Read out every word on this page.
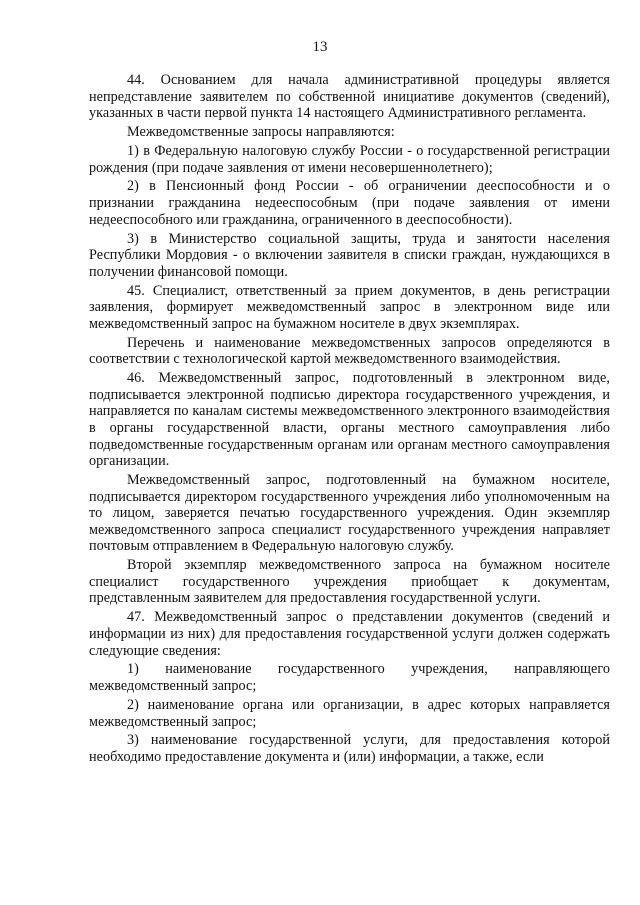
13

44. Основанием для начала административной процедуры является непредставление заявителем по собственной инициативе документов (сведений), указанных в части первой пункта 14 настоящего Административного регламента.

Межведомственные запросы направляются:

1) в Федеральную налоговую службу России - о государственной регистрации рождения (при подаче заявления от имени несовершеннолетнего);

2) в Пенсионный фонд России - об ограничении дееспособности и о признании гражданина недееспособным (при подаче заявления от имени недееспособного или гражданина, ограниченного в дееспособности).

3) в Министерство социальной защиты, труда и занятости населения Республики Мордовия - о включении заявителя в списки граждан, нуждающихся в получении финансовой помощи.

45. Специалист, ответственный за прием документов, в день регистрации заявления, формирует межведомственный запрос в электронном виде или межведомственный запрос на бумажном носителе в двух экземплярах.

Перечень и наименование межведомственных запросов определяются в соответствии с технологической картой межведомственного взаимодействия.

46. Межведомственный запрос, подготовленный в электронном виде, подписывается электронной подписью директора государственного учреждения, и направляется по каналам системы межведомственного электронного взаимодействия в органы государственной власти, органы местного самоуправления либо подведомственные государственным органам или органам местного самоуправления организации.

Межведомственный запрос, подготовленный на бумажном носителе, подписывается директором государственного учреждения либо уполномоченным на то лицом, заверяется печатью государственного учреждения. Один экземпляр межведомственного запроса специалист государственного учреждения направляет почтовым отправлением в Федеральную налоговую службу.

Второй экземпляр межведомственного запроса на бумажном носителе специалист государственного учреждения приобщает к документам, представленным заявителем для предоставления государственной услуги.

47. Межведомственный запрос о представлении документов (сведений и информации из них) для предоставления государственной услуги должен содержать следующие сведения:

1) наименование государственного учреждения, направляющего межведомственный запрос;

2) наименование органа или организации, в адрес которых направляется межведомственный запрос;

3) наименование государственной услуги, для предоставления которой необходимо предоставление документа и (или) информации, а также, если
